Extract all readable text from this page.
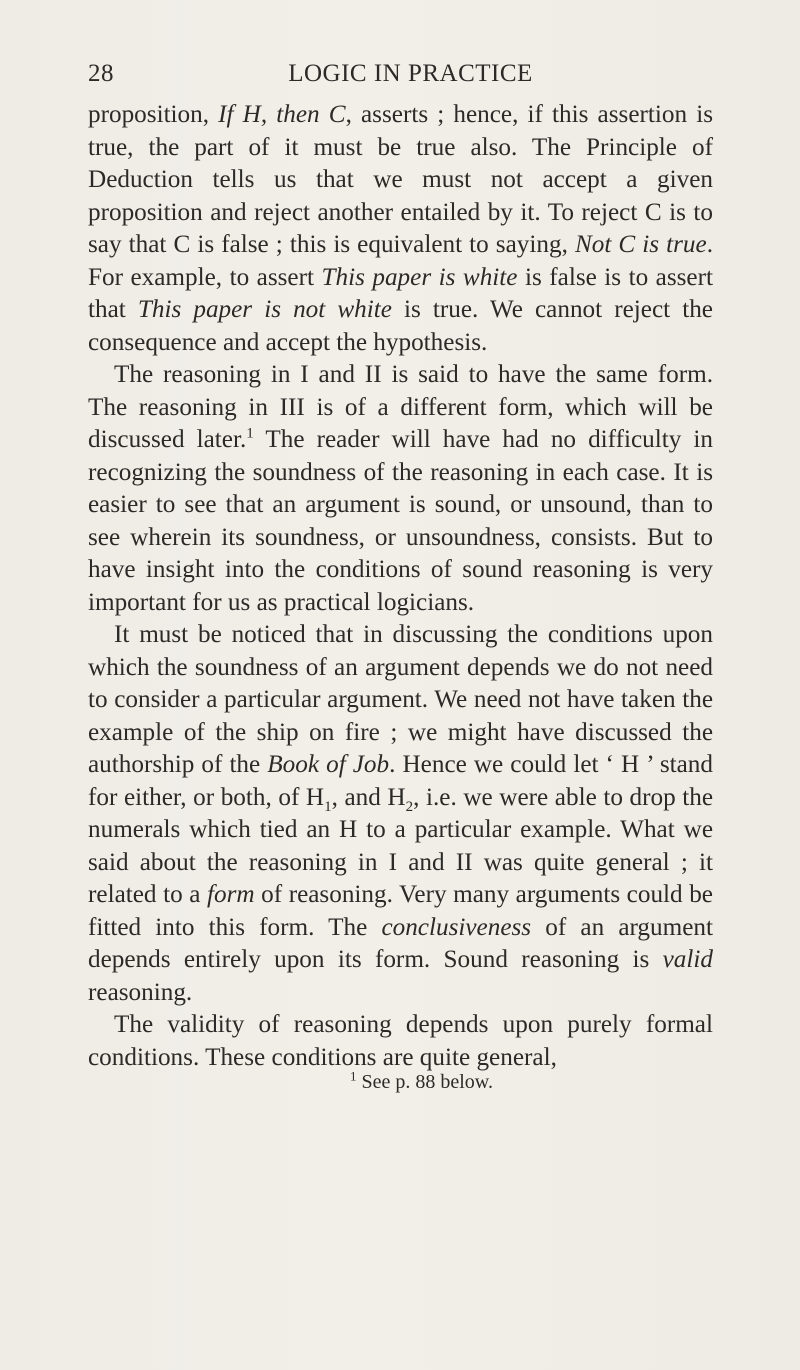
28	LOGIC IN PRACTICE

proposition, If H, then C, asserts ; hence, if this assertion is true, the part of it must be true also. The Principle of Deduction tells us that we must not accept a given proposition and reject another entailed by it. To reject C is to say that C is false ; this is equivalent to saying, Not C is true. For example, to assert This paper is white is false is to assert that This paper is not white is true. We cannot reject the consequence and accept the hypothesis.

The reasoning in I and II is said to have the same form. The reasoning in III is of a different form, which will be discussed later.$^1$ The reader will have had no difficulty in recognizing the soundness of the reasoning in each case. It is easier to see that an argument is sound, or unsound, than to see wherein its soundness, or unsoundness, consists. But to have insight into the conditions of sound reasoning is very important for us as practical logicians.

It must be noticed that in discussing the conditions upon which the soundness of an argument depends we do not need to consider a particular argument. We need not have taken the example of the ship on fire ; we might have discussed the authorship of the Book of Job. Hence we could let ‘ H ’ stand for either, or both, of $H_1$, and $H_2$, i.e. we were able to drop the numerals which tied an H to a particular example. What we said about the reasoning in I and II was quite general ; it related to a form of reasoning. Very many arguments could be fitted into this form. The conclusiveness of an argument depends entirely upon its form. Sound reasoning is valid reasoning.

The validity of reasoning depends upon purely formal conditions. These conditions are quite general,

$^1$ See p. 88 below.
